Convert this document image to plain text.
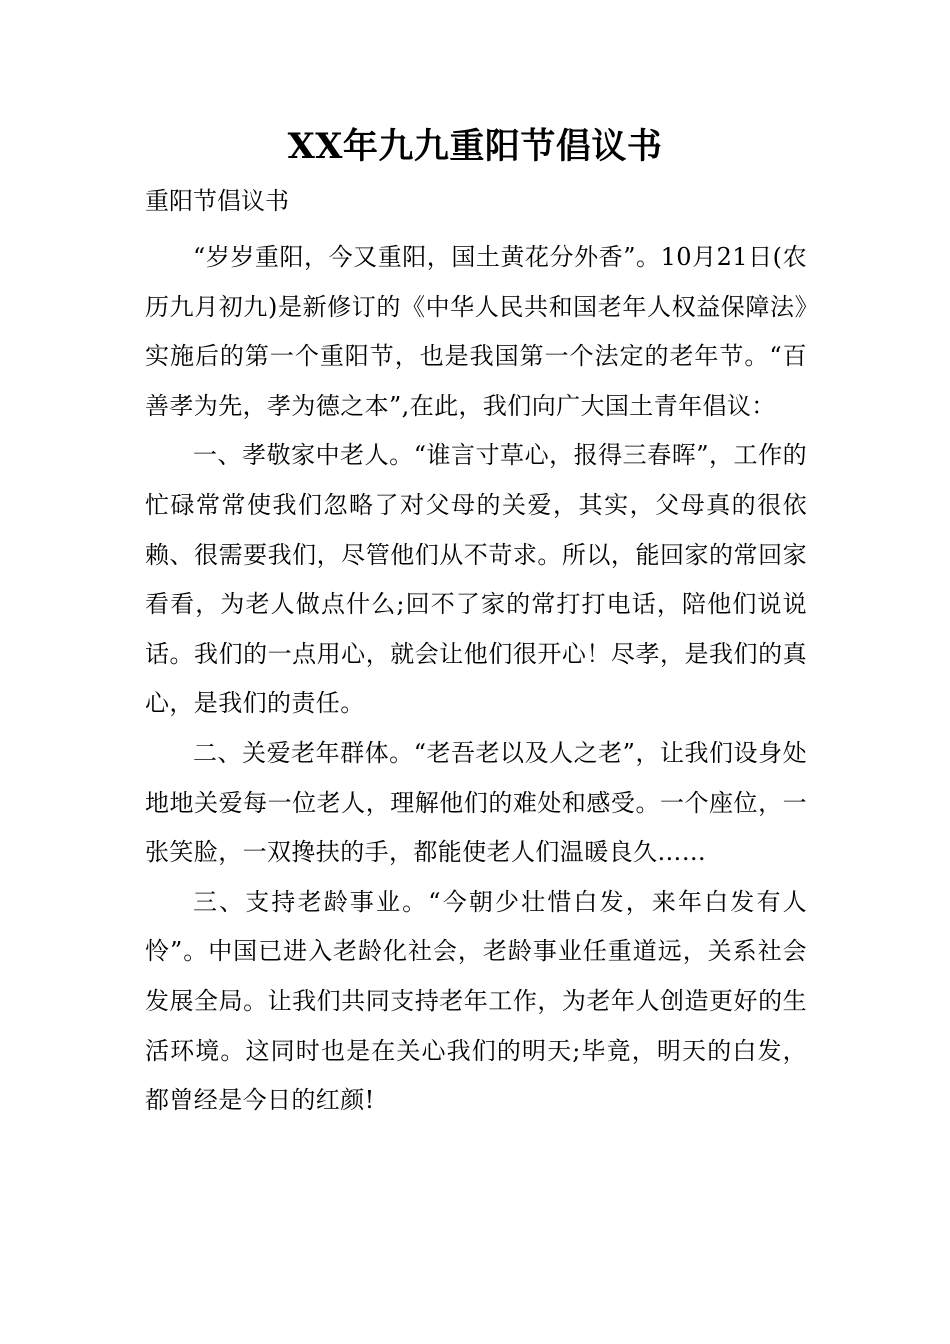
XX年九九重阳节倡议书

重阳节倡议书

“岁岁重阳，今又重阳，国土黄花分外香”。10月21日(农历九月初九)是新修订的《中华人民共和国老年人权益保障法》实施后的第一个重阳节，也是我国第一个法定的老年节。“百善孝为先，孝为德之本”,在此，我们向广大国土青年倡议：

一、孝敬家中老人。“谁言寸草心，报得三春晖”，工作的忙碌常常使我们忽略了对父母的关爱，其实，父母真的很依赖、很需要我们，尽管他们从不苛求。所以，能回家的常回家看看，为老人做点什么;回不了家的常打打电话，陪他们说说话。我们的一点用心，就会让他们很开心！尽孝，是我们的真心，是我们的责任。

二、关爱老年群体。“老吾老以及人之老”，让我们设身处地地关爱每一位老人，理解他们的难处和感受。一个座位，一张笑脸，一双搀扶的手，都能使老人们温暖良久……

三、支持老龄事业。“今朝少壮惜白发，来年白发有人怜”。中国已进入老龄化社会，老龄事业任重道远，关系社会发展全局。让我们共同支持老年工作，为老年人创造更好的生活环境。这同时也是在关心我们的明天;毕竟，明天的白发，都曾经是今日的红颜!
